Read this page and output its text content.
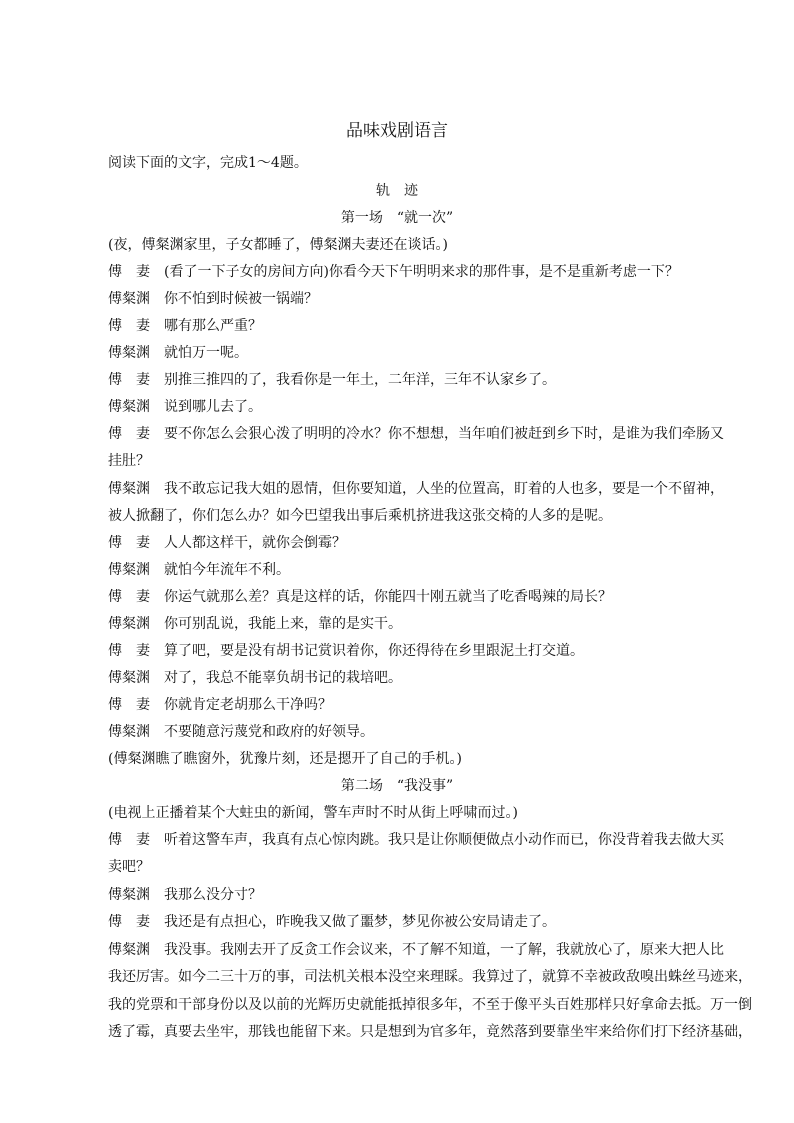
品味戏剧语言
阅读下面的文字，完成1～4题。
轨　迹
第一场　“就一次”
(夜，傅粲渊家里，子女都睡了，傅粲渊夫妻还在谈话。)
傅　妻 (看了一下子女的房间方向)你看今天下午明明来求的那件事，是不是重新考虑一下？
傅粲渊 你不怕到时候被一锅端？
傅　妻 哪有那么严重？
傅粲渊 就怕万一呢。
傅　妻 别推三推四的了，我看你是一年土，二年洋，三年不认家乡了。
傅粲渊 说到哪儿去了。
傅　妻 要不你怎么会狠心泼了明明的冷水？你不想想，当年咱们被赶到乡下时，是谁为我们牵肠又
挂肚？
傅粲渊 我不敢忘记我大姐的恩情，但你要知道，人坐的位置高，盯着的人也多，要是一个不留神，
被人掀翻了，你们怎么办？如今巴望我出事后乘机挤进我这张交椅的人多的是呢。
傅　妻 人人都这样干，就你会倒霉？
傅粲渊 就怕今年流年不利。
傅　妻 你运气就那么差？真是这样的话，你能四十刚五就当了吃香喝辣的局长？
傅粲渊 你可别乱说，我能上来，靠的是实干。
傅　妻 算了吧，要是没有胡书记赏识着你，你还得待在乡里跟泥土打交道。
傅粲渊 对了，我总不能辜负胡书记的栽培吧。
傅　妻 你就肯定老胡那么干净吗？
傅粲渊 不要随意污蔑党和政府的好领导。
(傅粲渊瞧了瞧窗外，犹豫片刻，还是摁开了自己的手机。)
第二场　“我没事”
(电视上正播着某个大蛀虫的新闻，警车声时不时从街上呼啸而过。)
傅　妻 听着这警车声，我真有点心惊肉跳。我只是让你顺便做点小动作而已，你没背着我去做大买
卖吧？
傅粲渊 我那么没分寸？
傅　妻 我还是有点担心，昨晚我又做了噩梦，梦见你被公安局请走了。
傅粲渊 我没事。我刚去开了反贪工作会议来，不了解不知道，一了解，我就放心了，原来大把人比
我还厉害。如今二三十万的事，司法机关根本没空来理睬。我算过了，就算不幸被政敌嗅出蛛丝马迹来，
我的党票和干部身份以及以前的光辉历史就能抵掉很多年，不至于像平头百姓那样只好拿命去抵。万一倒
透了霉，真要去坐牢，那钱也能留下来。只是想到为官多年，竟然落到要靠坐牢来给你们打下经济基础，
